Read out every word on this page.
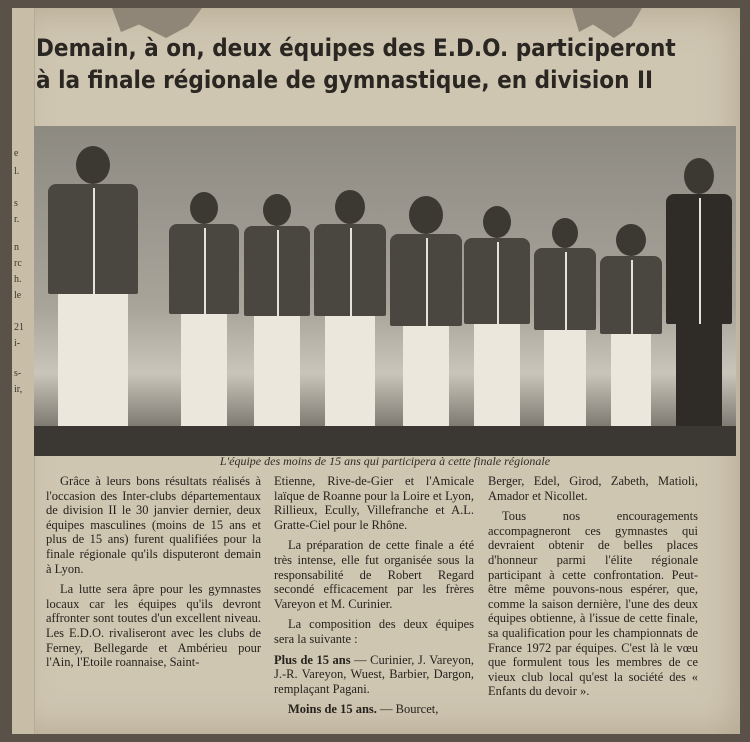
e
l.
s
r.
n
rc
h.
le
21
i-
s-
ir,
Demain, à on, deux équipes des E.D.O. participeront
à la finale régionale de gymnastique, en division II
L'équipe des moins de 15 ans qui participera à cette finale régionale

Grâce à leurs bons résultats réalisés à l'occasion des Inter-clubs départementaux de division II le 30 janvier dernier, deux équipes masculines (moins de 15 ans et plus de 15 ans) furent qualifiées pour la finale régionale qu'ils disputeront demain à Lyon.

La lutte sera âpre pour les gymnastes locaux car les équipes qu'ils devront affronter sont toutes d'un excellent niveau. Les E.D.O. rivaliseront avec les clubs de Ferney, Bellegarde et Ambérieu pour l'Ain, l'Etoile roannaise, Saint-

Etienne, Rive-de-Gier et l'Amicale laïque de Roanne pour la Loire et Lyon, Rillieux, Ecully, Villefranche et A.L. Gratte-Ciel pour le Rhône.

La préparation de cette finale a été très intense, elle fut organisée sous la responsabilité de Robert Regard secondé efficacement par les frères Vareyon et M. Curinier.

La composition des deux équipes sera la suivante :

Plus de 15 ans — Curinier, J. Vareyon, J.-R. Vareyon, Wuest, Barbier, Dargon, remplaçant Pagani.

Moins de 15 ans. — Bourcet,

Berger, Edel, Girod, Zabeth, Matioli, Amador et Nicollet.

Tous nos encouragements accompagneront ces gymnastes qui devraient obtenir de belles places d'honneur parmi l'élite régionale participant à cette confrontation. Peut-être même pouvons-nous espérer, que, comme la saison dernière, l'une des deux équipes obtienne, à l'issue de cette finale, sa qualification pour les championnats de France 1972 par équipes. C'est là le vœu que formulent tous les membres de ce vieux club local qu'est la société des « Enfants du devoir ».
